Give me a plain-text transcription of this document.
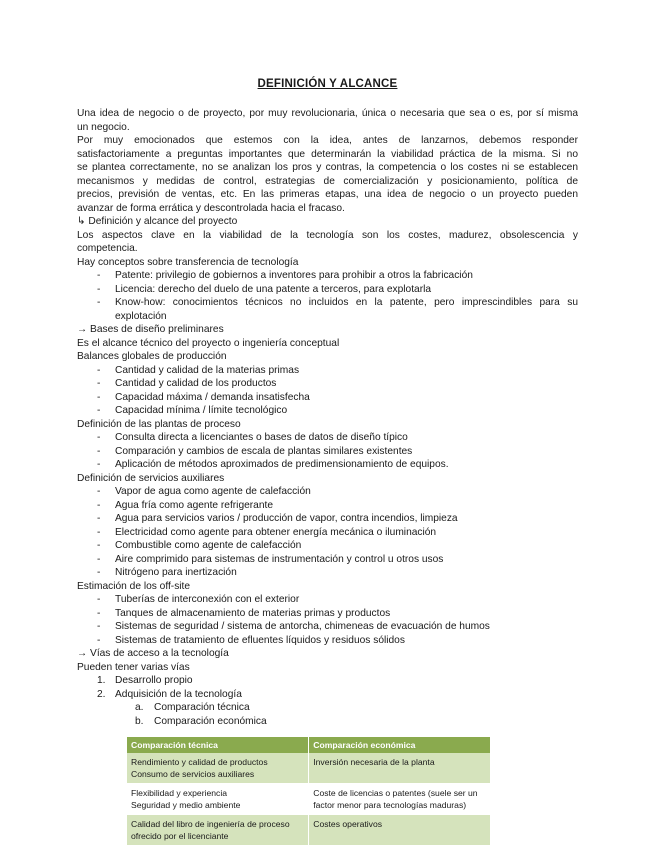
DEFINICIÓN Y ALCANCE
Una idea de negocio o de proyecto, por muy revolucionaria, única o necesaria que sea o es, por sí misma
un negocio.
Por muy emocionados que estemos con la idea, antes de lanzarnos, debemos responder
satisfactoriamente a preguntas importantes que determinarán la viabilidad práctica de la misma. Si no
se plantea correctamente, no se analizan los pros y contras, la competencia o los costes ni se establecen
mecanismos y medidas de control, estrategias de comercialización y posicionamiento, política de
precios, previsión de ventas, etc. En las primeras etapas, una idea de negocio o un proyecto pueden
avanzar de forma errática y descontrolada hacia el fracaso.
↳ Definición y alcance del proyecto
Los aspectos clave en la viabilidad de la tecnología son los costes, madurez, obsolescencia y
competencia.
Hay conceptos sobre transferencia de tecnología
- Patente: privilegio de gobiernos a inventores para prohibir a otros la fabricación
- Licencia: derecho del duelo de una patente a terceros, para explotarla
- Know-how: conocimientos técnicos no incluidos en la patente, pero imprescindibles para su
explotación
→ Bases de diseño preliminares
Es el alcance técnico del proyecto o ingeniería conceptual
Balances globales de producción
- Cantidad y calidad de la materias primas
- Cantidad y calidad de los productos
- Capacidad máxima / demanda insatisfecha
- Capacidad mínima / límite tecnológico
Definición de las plantas de proceso
- Consulta directa a licenciantes o bases de datos de diseño típico
- Comparación y cambios de escala de plantas similares existentes
- Aplicación de métodos aproximados de predimensionamiento de equipos.
Definición de servicios auxiliares
- Vapor de agua como agente de calefacción
- Agua fría como agente refrigerante
- Agua para servicios varios / producción de vapor, contra incendios, limpieza
- Electricidad como agente para obtener energía mecánica o iluminación
- Combustible como agente de calefacción
- Aire comprimido para sistemas de instrumentación y control u otros usos
- Nitrógeno para inertización
Estimación de los off-site
- Tuberías de interconexión con el exterior
- Tanques de almacenamiento de materias primas y productos
- Sistemas de seguridad / sistema de antorcha, chimeneas de evacuación de humos
- Sistemas de tratamiento de efluentes líquidos y residuos sólidos
→ Vías de acceso a la tecnología
Pueden tener varias vías
1. Desarrollo propio
2. Adquisición de la tecnología
a. Comparación técnica
b. Comparación económica
Comparación técnica	Comparación económica

Rendimiento y calidad de productos
Consumo de servicios auxiliares	Inversión necesaria de la planta

Flexibilidad y experiencia
Seguridad y medio ambiente	Coste de licencias o patentes (suele ser un
factor menor para tecnologías maduras)

Calidad del libro de ingeniería de proceso
ofrecido por el licenciante	Costes operativos
